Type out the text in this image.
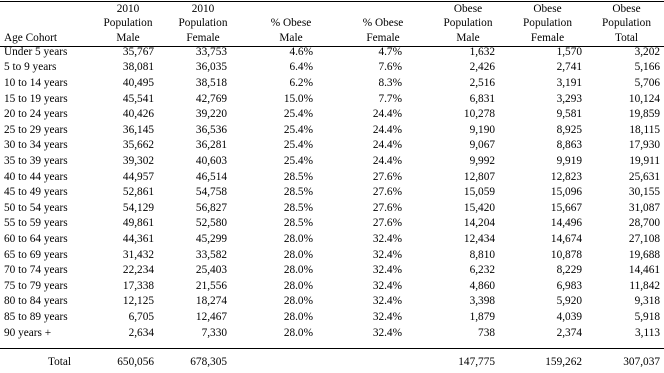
	2010	2010			Obese	Obese	Obese
	Population	Population	% Obese	% Obese	Population	Population	Population
Age Cohort	Male	Female	Male	Female	Male	Female	Total
Under 5 years	35,767	33,753	4.6%	4.7%	1,632	1,570	3,202
5 to 9 years	38,081	36,035	6.4%	7.6%	2,426	2,741	5,166
10 to 14 years	40,495	38,518	6.2%	8.3%	2,516	3,191	5,706
15 to 19 years	45,541	42,769	15.0%	7.7%	6,831	3,293	10,124
20 to 24 years	40,426	39,220	25.4%	24.4%	10,278	9,581	19,859
25 to 29 years	36,145	36,536	25.4%	24.4%	9,190	8,925	18,115
30 to 34 years	35,662	36,281	25.4%	24.4%	9,067	8,863	17,930
35 to 39 years	39,302	40,603	25.4%	24.4%	9,992	9,919	19,911
40 to 44 years	44,957	46,514	28.5%	27.6%	12,807	12,823	25,631
45 to 49 years	52,861	54,758	28.5%	27.6%	15,059	15,096	30,155
50 to 54 years	54,129	56,827	28.5%	27.6%	15,420	15,667	31,087
55 to 59 years	49,861	52,580	28.5%	27.6%	14,204	14,496	28,700
60 to 64 years	44,361	45,299	28.0%	32.4%	12,434	14,674	27,108
65 to 69 years	31,432	33,582	28.0%	32.4%	8,810	10,878	19,688
70 to 74 years	22,234	25,403	28.0%	32.4%	6,232	8,229	14,461
75 to 79 years	17,338	21,556	28.0%	32.4%	4,860	6,983	11,842
80 to 84 years	12,125	18,274	28.0%	32.4%	3,398	5,920	9,318
85 to 89 years	6,705	12,467	28.0%	32.4%	1,879	4,039	5,918
90 years +	2,634	7,330	28.0%	32.4%	738	2,374	3,113

Total	650,056	678,305			147,775	159,262	307,037
